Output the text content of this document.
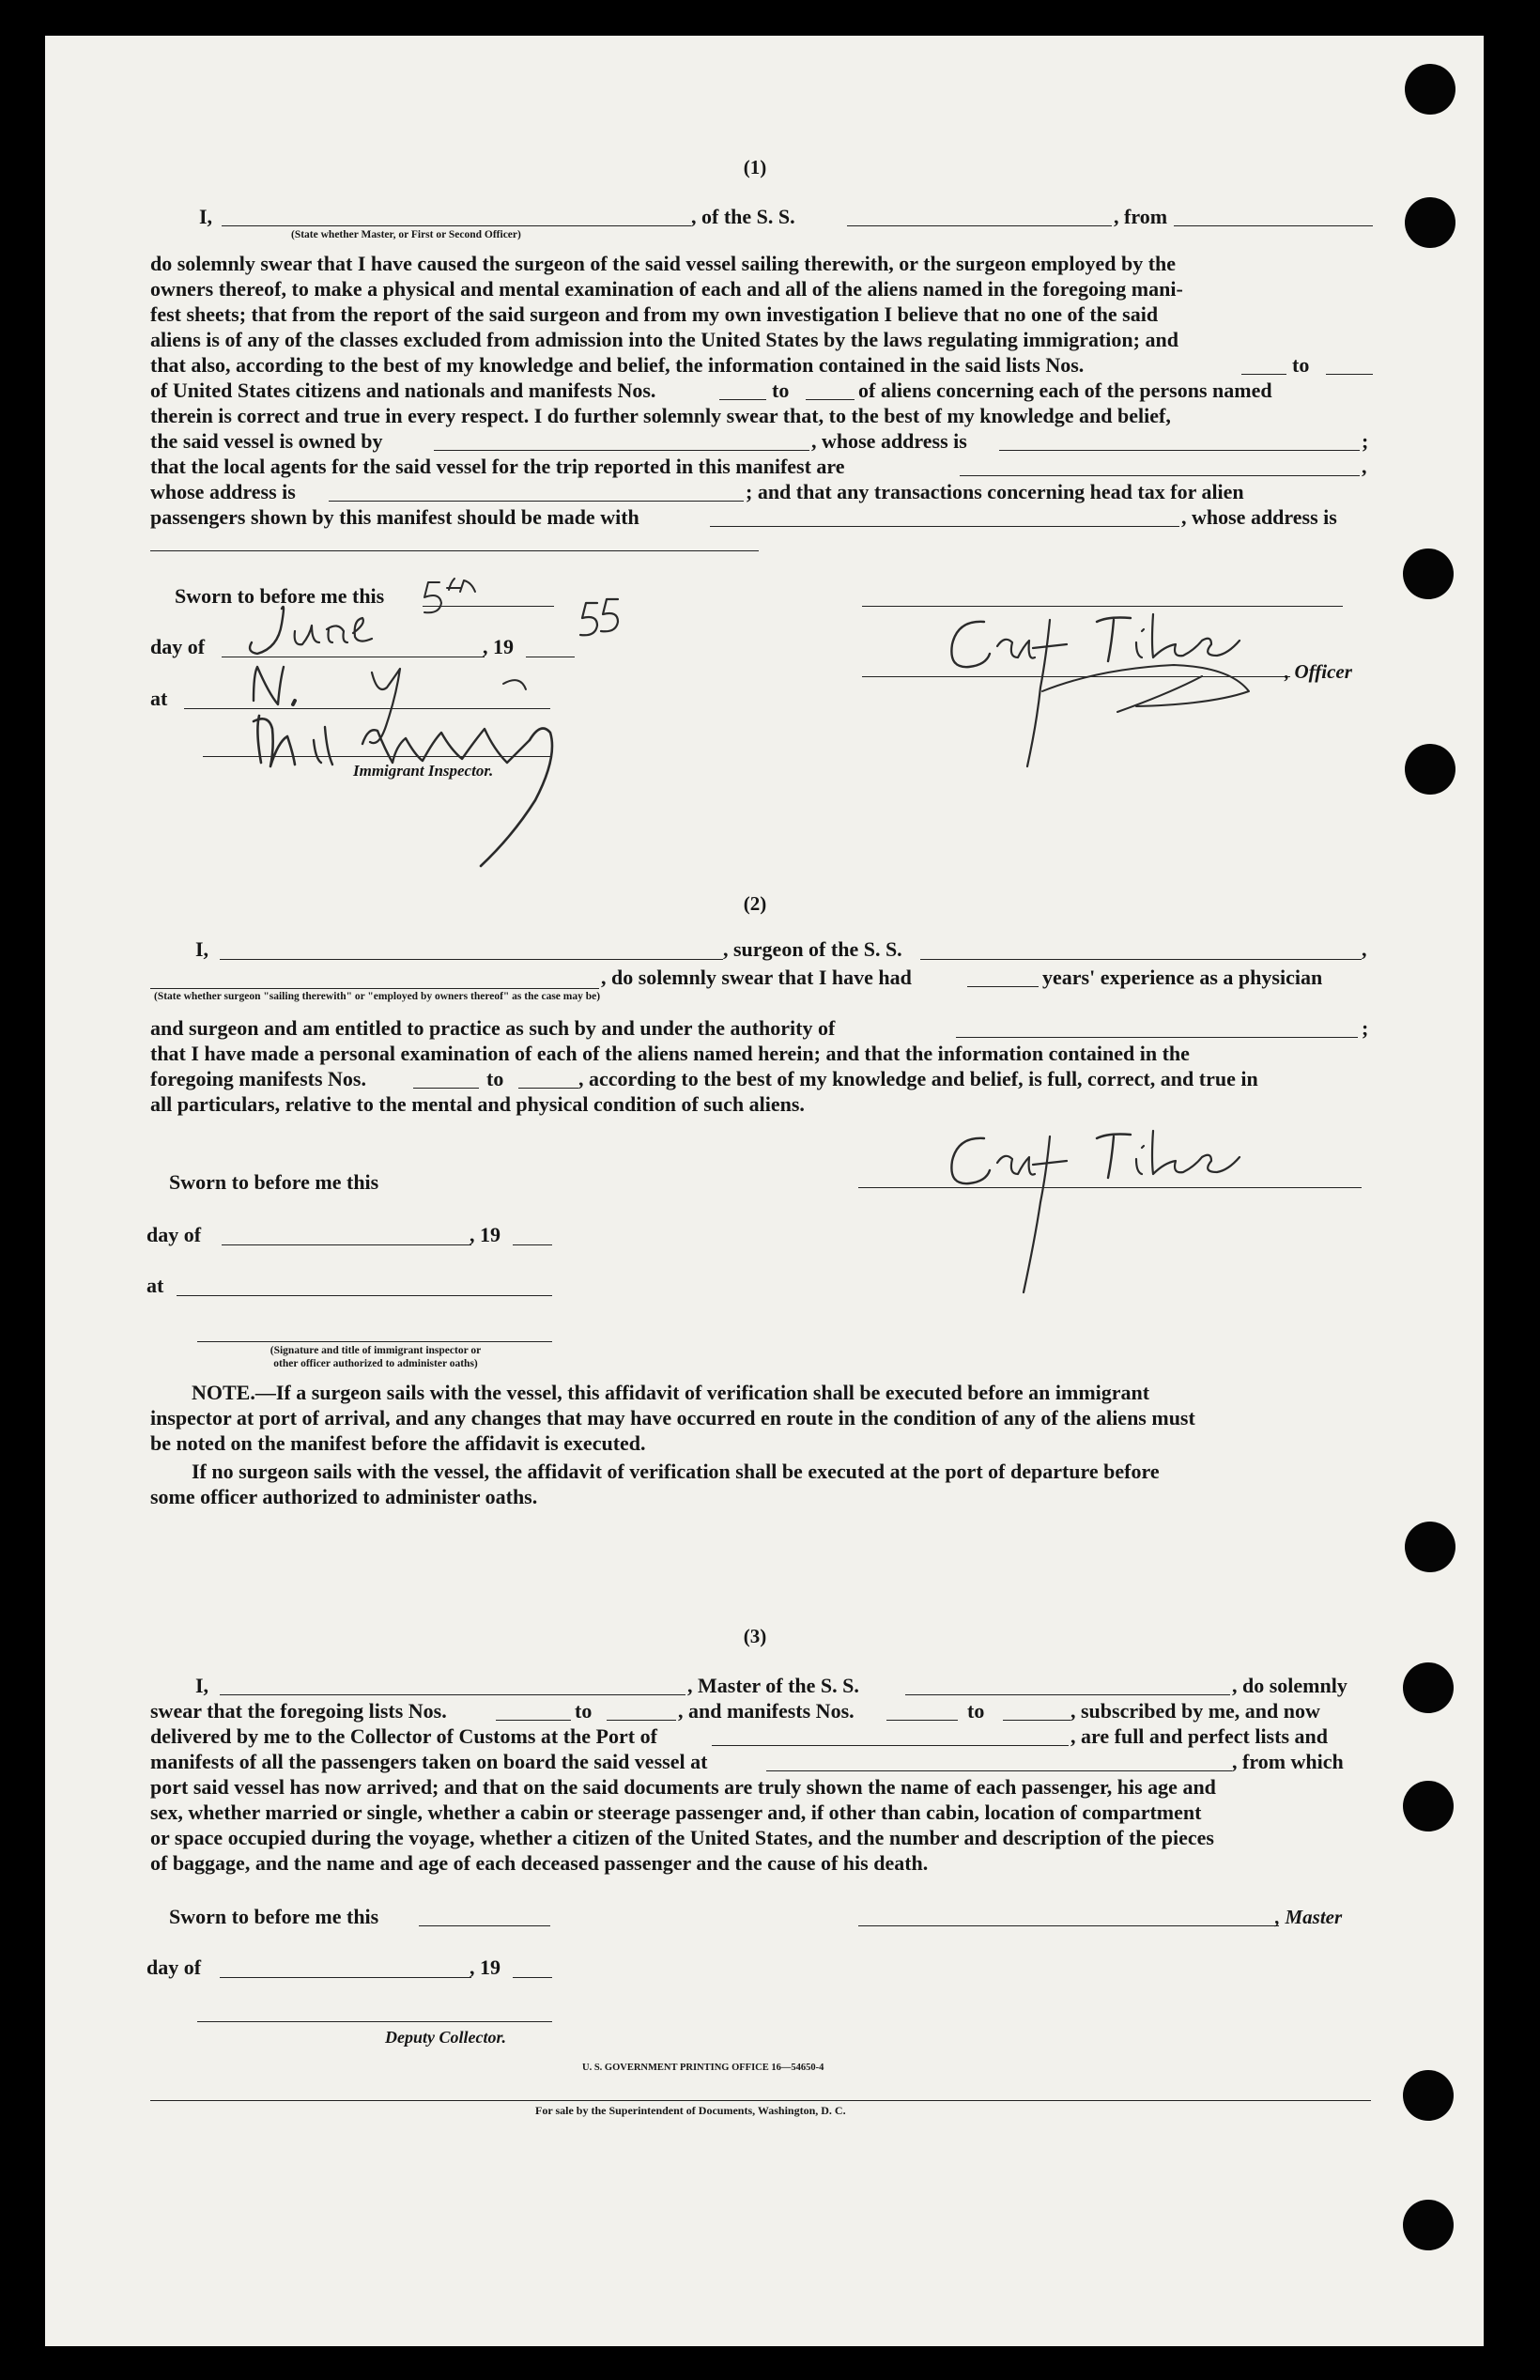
(1)
I,	, of the S. S.	, from
(State whether Master, or First or Second Officer)
do solemnly swear that I have caused the surgeon of the said vessel sailing therewith, or the surgeon employed by the
owners thereof, to make a physical and mental examination of each and all of the aliens named in the foregoing mani-
fest sheets; that from the report of the said surgeon and from my own investigation I believe that no one of the said
aliens is of any of the classes excluded from admission into the United States by the laws regulating immigration; and
that also, according to the best of my knowledge and belief, the information contained in the said lists Nos.	to
of United States citizens and nationals and manifests Nos.	to	of aliens concerning each of the persons named
therein is correct and true in every respect. I do further solemnly swear that, to the best of my knowledge and belief,
the said vessel is owned by	, whose address is	;
that the local agents for the said vessel for the trip reported in this manifest are	,
whose address is	; and that any transactions concerning head tax for alien
passengers shown by this manifest should be made with	, whose address is
Sworn to before me this
day of	, 19
, Officer
at
Immigrant Inspector.
(2)
I,	, surgeon of the S. S.	,
, do solemnly swear that I have had	years' experience as a physician
(State whether surgeon "sailing therewith" or "employed by owners thereof" as the case may be)
and surgeon and am entitled to practice as such by and under the authority of	;
that I have made a personal examination of each of the aliens named herein; and that the information contained in the
foregoing manifests Nos.	to	, according to the best of my knowledge and belief, is full, correct, and true in
all particulars, relative to the mental and physical condition of such aliens.
Sworn to before me this
day of	, 19
at
(Signature and title of immigrant inspector or
other officer authorized to administer oaths)
NOTE.—If a surgeon sails with the vessel, this affidavit of verification shall be executed before an immigrant
inspector at port of arrival, and any changes that may have occurred en route in the condition of any of the aliens must
be noted on the manifest before the affidavit is executed.
If no surgeon sails with the vessel, the affidavit of verification shall be executed at the port of departure before
some officer authorized to administer oaths.
(3)
I,	, Master of the S. S.	, do solemnly
swear that the foregoing lists Nos.	to	, and manifests Nos.	to	, subscribed by me, and now
delivered by me to the Collector of Customs at the Port of	, are full and perfect lists and
manifests of all the passengers taken on board the said vessel at	, from which
port said vessel has now arrived; and that on the said documents are truly shown the name of each passenger, his age and
sex, whether married or single, whether a cabin or steerage passenger and, if other than cabin, location of compartment
or space occupied during the voyage, whether a citizen of the United States, and the number and description of the pieces
of baggage, and the name and age of each deceased passenger and the cause of his death.
Sworn to before me this	, Master
day of	, 19
Deputy Collector.
U. S. GOVERNMENT PRINTING OFFICE 16—54650-4
For sale by the Superintendent of Documents, Washington, D. C.
